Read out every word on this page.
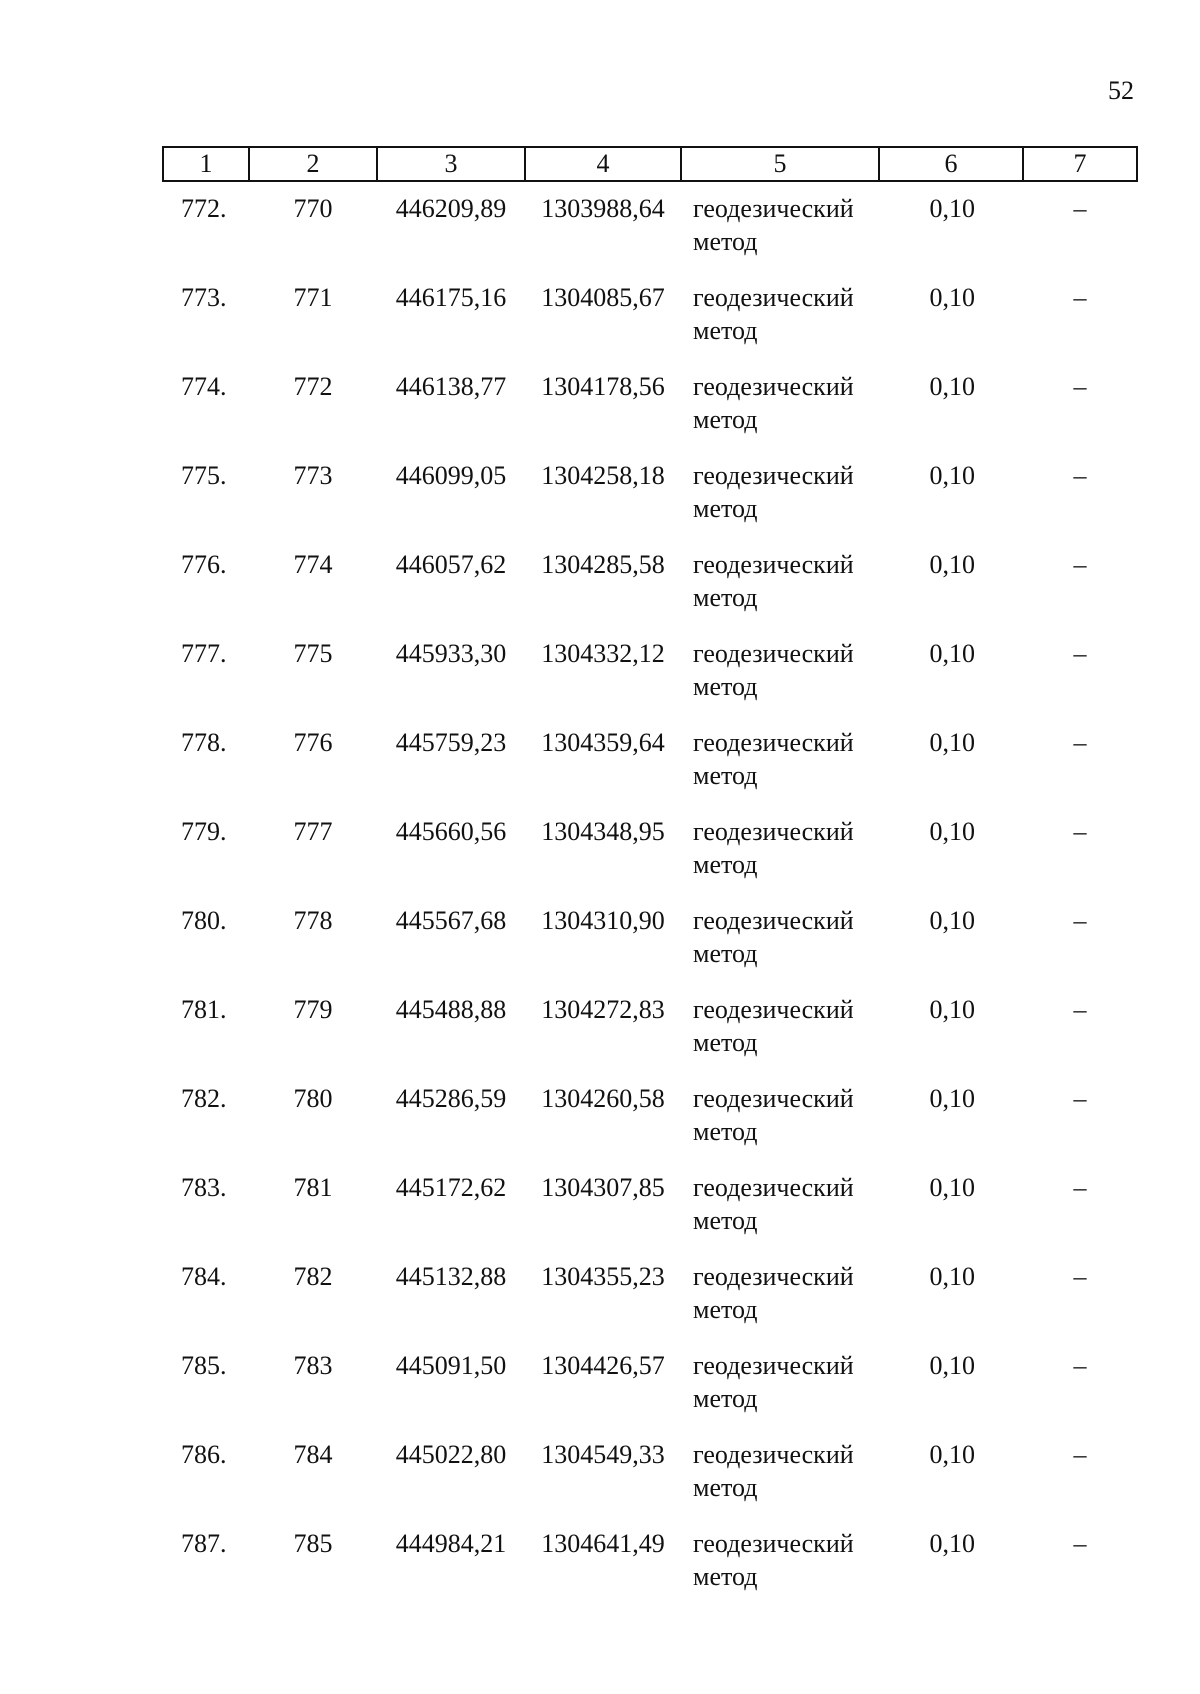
52
1	2	3	4	5	6	7
772.	770	446209,89	1303988,64	геодезический метод	0,10	–
773.	771	446175,16	1304085,67	геодезический метод	0,10	–
774.	772	446138,77	1304178,56	геодезический метод	0,10	–
775.	773	446099,05	1304258,18	геодезический метод	0,10	–
776.	774	446057,62	1304285,58	геодезический метод	0,10	–
777.	775	445933,30	1304332,12	геодезический метод	0,10	–
778.	776	445759,23	1304359,64	геодезический метод	0,10	–
779.	777	445660,56	1304348,95	геодезический метод	0,10	–
780.	778	445567,68	1304310,90	геодезический метод	0,10	–
781.	779	445488,88	1304272,83	геодезический метод	0,10	–
782.	780	445286,59	1304260,58	геодезический метод	0,10	–
783.	781	445172,62	1304307,85	геодезический метод	0,10	–
784.	782	445132,88	1304355,23	геодезический метод	0,10	–
785.	783	445091,50	1304426,57	геодезический метод	0,10	–
786.	784	445022,80	1304549,33	геодезический метод	0,10	–
787.	785	444984,21	1304641,49	геодезический метод	0,10	–
